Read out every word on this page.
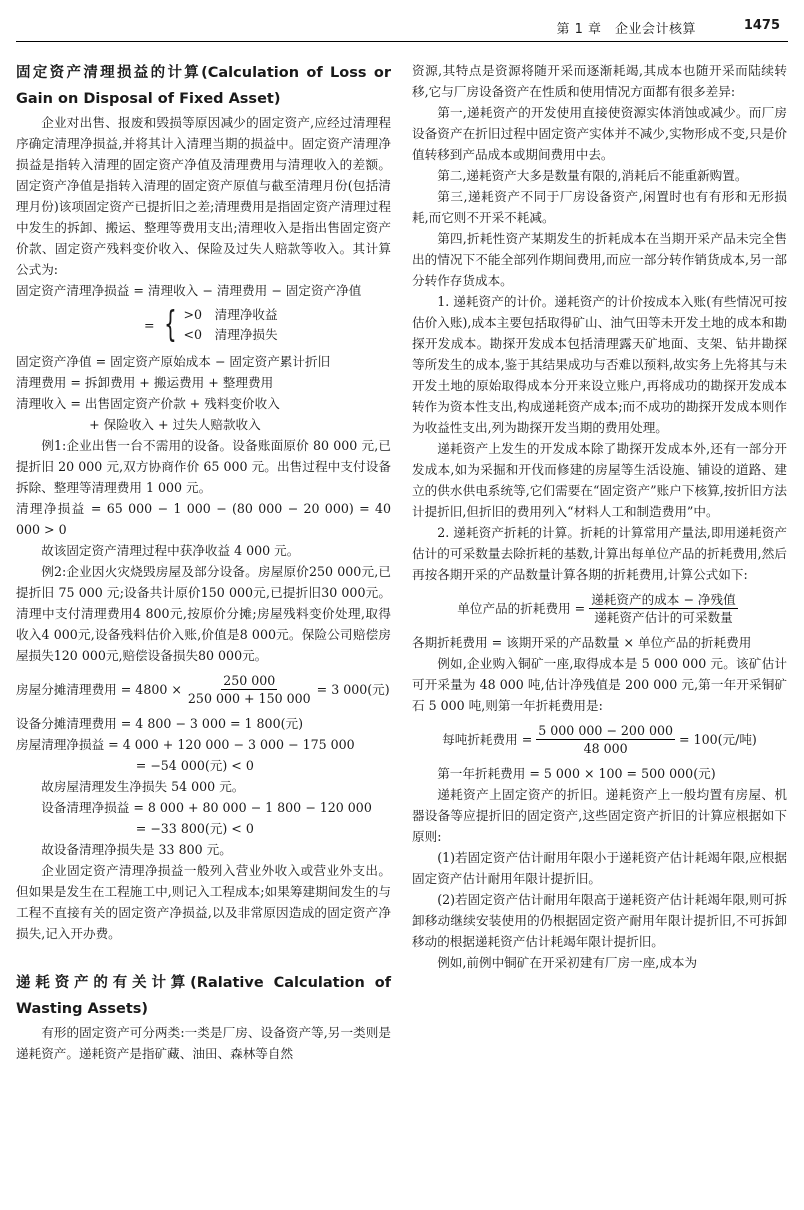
第 1 章　企业会计核算	1475
固定资产清理损益的计算(Calculation of Loss or Gain on Disposal of Fixed Asset)

企业对出售、报废和毁损等原因减少的固定资产,应经过清理程序确定清理净损益,并将其计入清理当期的损益中。固定资产清理净损益是指转入清理的固定资产净值及清理费用与清理收入的差额。固定资产净值是指转入清理的固定资产原值与截至清理月份(包括清理月份)该项固定资产已提折旧之差;清理费用是指固定资产清理过程中发生的拆卸、搬运、整理等费用支出;清理收入是指出售固定资产价款、固定资产残料变价收入、保险及过失人赔款等收入。其计算公式为:

固定资产清理净损益 = 清理收入 − 清理费用 − 固定资产净值

= { >0　清理净收益
<0　清理净损失

固定资产净值 = 固定资产原始成本 − 固定资产累计折旧

清理费用 = 拆卸费用 + 搬运费用 + 整理费用

清理收入 = 出售固定资产价款 + 残料变价收入

+ 保险收入 + 过失人赔款收入

例1:企业出售一台不需用的设备。设备账面原价 80 000 元,已提折旧 20 000 元,双方协商作价 65 000 元。出售过程中支付设备拆除、整理等清理费用 1 000 元。

清理净损益 = 65 000 − 1 000 − (80 000 − 20 000) = 40 000 > 0

故该固定资产清理过程中获净收益 4 000 元。

例2:企业因火灾烧毁房屋及部分设备。房屋原价250 000元,已提折旧 75 000 元;设备共计原价150 000元,已提折旧30 000元。清理中支付清理费用4 800元,按原价分摊;房屋残料变价处理,取得收入4 000元,设备残料估价入账,价值是8 000元。保险公司赔偿房屋损失120 000元,赔偿设备损失80 000元。

房屋分摊清理费用 = $4800 \times \frac{250 000}{250 000 + 150 000} = 3$ 000(元)

设备分摊清理费用 = 4 800 − 3 000 = 1 800(元)

房屋清理净损益 = 4 000 + 120 000 − 3 000 − 175 000

= −54 000(元) < 0

故房屋清理发生净损失 54 000 元。

设备清理净损益 = 8 000 + 80 000 − 1 800 − 120 000

= −33 800(元) < 0

故设备清理净损失是 33 800 元。

企业固定资产清理净损益一般列入营业外收入或营业外支出。但如果是发生在工程施工中,则记入工程成本;如果筹建期间发生的与工程不直接有关的固定资产净损益,以及非常原因造成的固定资产净损失,记入开办费。

递耗资产的有关计算(Ralative Calculation of Wasting Assets)

有形的固定资产可分两类:一类是厂房、设备资产等,另一类则是递耗资产。递耗资产是指矿藏、油田、森林等自然

资源,其特点是资源将随开采而逐渐耗竭,其成本也随开采而陆续转移,它与厂房设备资产在性质和使用情况方面都有很多差异:

第一,递耗资产的开发使用直接使资源实体消蚀或减少。而厂房设备资产在折旧过程中固定资产实体并不减少,实物形成不变,只是价值转移到产品成本或期间费用中去。

第二,递耗资产大多是数量有限的,消耗后不能重新购置。

第三,递耗资产不同于厂房设备资产,闲置时也有有形和无形损耗,而它则不开采不耗减。

第四,折耗性资产某期发生的折耗成本在当期开采产品未完全售出的情况下不能全部列作期间费用,而应一部分转作销货成本,另一部分转作存货成本。

1. 递耗资产的计价。递耗资产的计价按成本入账(有些情况可按估价入账),成本主要包括取得矿山、油气田等未开发土地的成本和勘探开发成本。勘探开发成本包括清理露天矿地面、支架、钻井勘探等所发生的成本,鉴于其结果成功与否难以预料,故实务上先将其与未开发土地的原始取得成本分开来设立账户,再将成功的勘探开发成本转作为资本性支出,构成递耗资产成本;而不成功的勘探开发成本则作为收益性支出,列为勘探开发当期的费用处理。

递耗资产上发生的开发成本除了勘探开发成本外,还有一部分开发成本,如为采掘和开伐而修建的房屋等生活设施、铺设的道路、建立的供水供电系统等,它们需要在“固定资产”账户下核算,按折旧方法计提折旧,但折旧的费用列入“材料人工和制造费用”中。

2. 递耗资产折耗的计算。折耗的计算常用产量法,即用递耗资产估计的可采数量去除折耗的基数,计算出每单位产品的折耗费用,然后再按各期开采的产品数量计算各期的折耗费用,计算公式如下:

单位产品的折耗费用 = $\frac{\text{递耗资产的成本 − 净残值}}{\text{递耗资产估计的可采数量}}$

各期折耗费用 = 该期开采的产品数量 × 单位产品的折耗费用

例如,企业购入铜矿一座,取得成本是 5 000 000 元。该矿估计可开采量为 48 000 吨,估计净残值是 200 000 元,第一年开采铜矿石 5 000 吨,则第一年折耗费用是:

每吨折耗费用 = $\frac{5 000 000 - 200 000}{48 000} = 100$(元/吨)

第一年折耗费用 = 5 000 × 100 = 500 000(元)

递耗资产上固定资产的折旧。递耗资产上一般均置有房屋、机器设备等应提折旧的固定资产,这些固定资产折旧的计算应根据如下原则:

(1)若固定资产估计耐用年限小于递耗资产估计耗竭年限,应根据固定资产估计耐用年限计提折旧。

(2)若固定资产估计耐用年限高于递耗资产估计耗竭年限,则可拆卸移动继续安装使用的仍根据固定资产耐用年限计提折旧,不可拆卸移动的根据递耗资产估计耗竭年限计提折旧。

例如,前例中铜矿在开采初建有厂房一座,成本为
